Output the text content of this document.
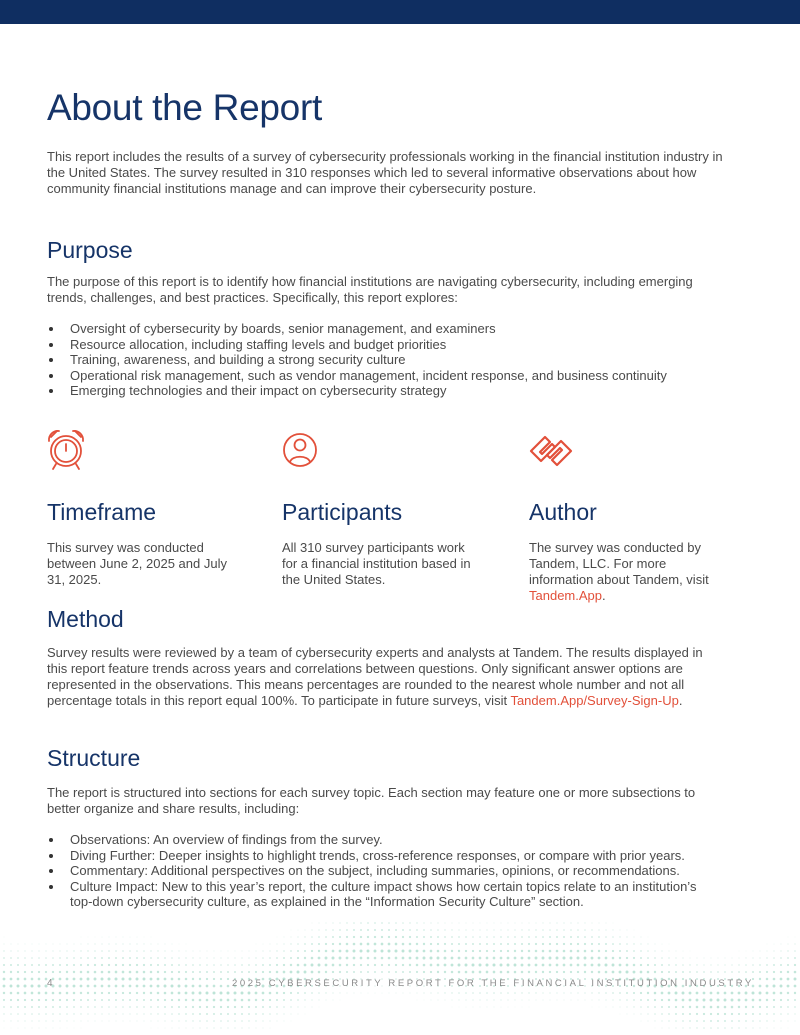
About the Report

This report includes the results of a survey of cybersecurity professionals working in the financial institution industry in the United States. The survey resulted in 310 responses which led to several informative observations about how community financial institutions manage and can improve their cybersecurity posture.

Purpose

The purpose of this report is to identify how financial institutions are navigating cybersecurity, including emerging trends, challenges, and best practices. Specifically, this report explores:

Oversight of cybersecurity by boards, senior management, and examiners
Resource allocation, including staffing levels and budget priorities
Training, awareness, and building a strong security culture
Operational risk management, such as vendor management, incident response, and business continuity
Emerging technologies and their impact on cybersecurity strategy
Timeframe

This survey was conducted between June 2, 2025 and July 31, 2025.

Participants

All 310 survey participants work for a financial institution based in the United States.

Author

The survey was conducted by Tandem, LLC. For more information about Tandem, visit Tandem.App.

Method

Survey results were reviewed by a team of cybersecurity experts and analysts at Tandem. The results displayed in this report feature trends across years and correlations between questions. Only significant answer options are represented in the observations. This means percentages are rounded to the nearest whole number and not all percentage totals in this report equal 100%. To participate in future surveys, visit Tandem.App/Survey-Sign-Up.

Structure

The report is structured into sections for each survey topic. Each section may feature one or more subsections to better organize and share results, including:

Observations: An overview of findings from the survey.
Diving Further: Deeper insights to highlight trends, cross-reference responses, or compare with prior years.
Commentary: Additional perspectives on the subject, including summaries, opinions, or recommendations.
Culture Impact: New to this year’s report, the culture impact shows how certain topics relate to an institution’s top-down cybersecurity culture, as explained in the “Information Security Culture” section.
4	2025 CYBERSECURITY REPORT FOR THE FINANCIAL INSTITUTION INDUSTRY
